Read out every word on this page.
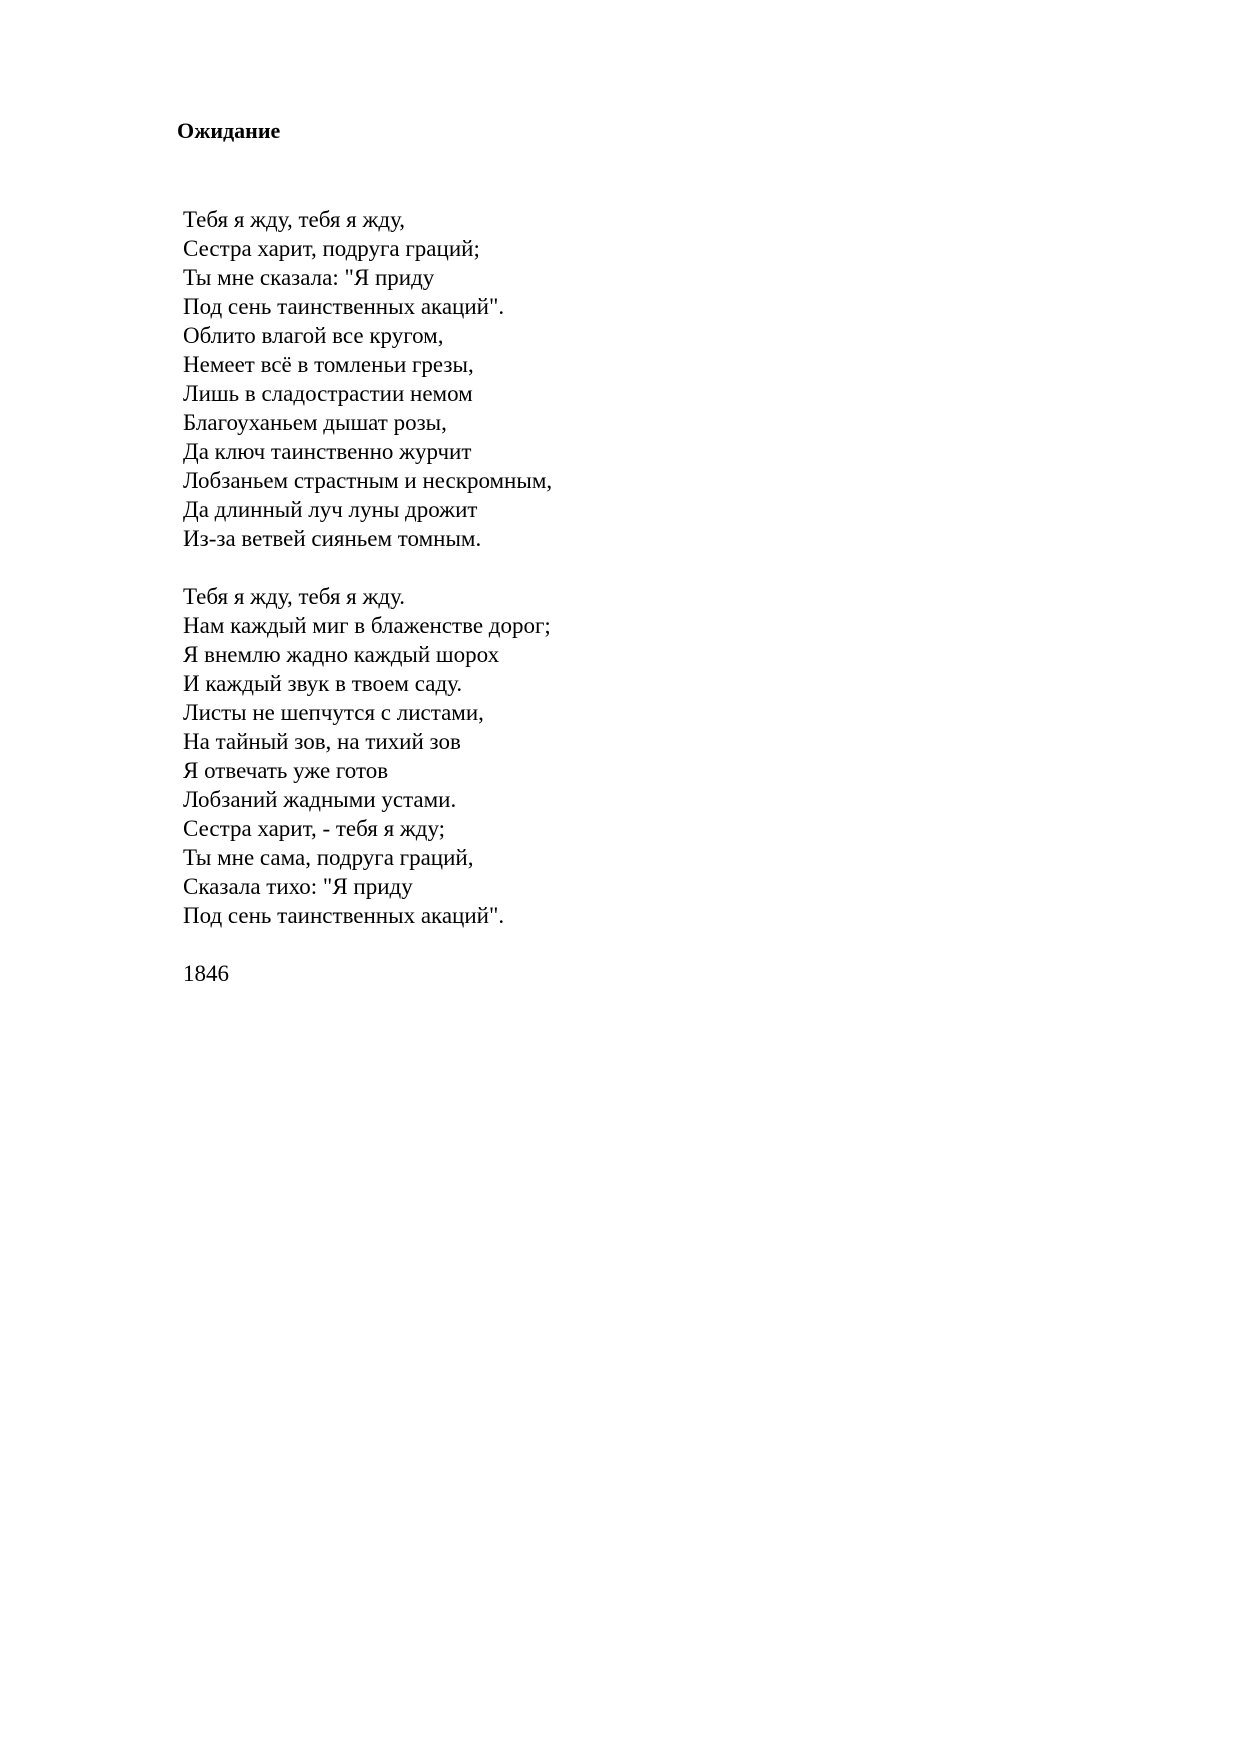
Ожидание
Тебя я жду, тебя я жду,
Сестра харит, подруга граций;
Ты мне сказала: "Я приду
Под сень таинственных акаций".
Облито влагой все кругом,
Немеет всё в томленьи грезы,
Лишь в сладострастии немом
Благоуханьем дышат розы,
Да ключ таинственно журчит
Лобзаньем страстным и нескромным,
Да длинный луч луны дрожит
Из-за ветвей сияньем томным.
Тебя я жду, тебя я жду.
Нам каждый миг в блаженстве дорог;
Я внемлю жадно каждый шорох
И каждый звук в твоем саду.
Листы не шепчутся с листами,
На тайный зов, на тихий зов
Я отвечать уже готов
Лобзаний жадными устами.
Сестра харит, - тебя я жду;
Ты мне сама, подруга граций,
Сказала тихо: "Я приду
Под сень таинственных акаций".
1846
